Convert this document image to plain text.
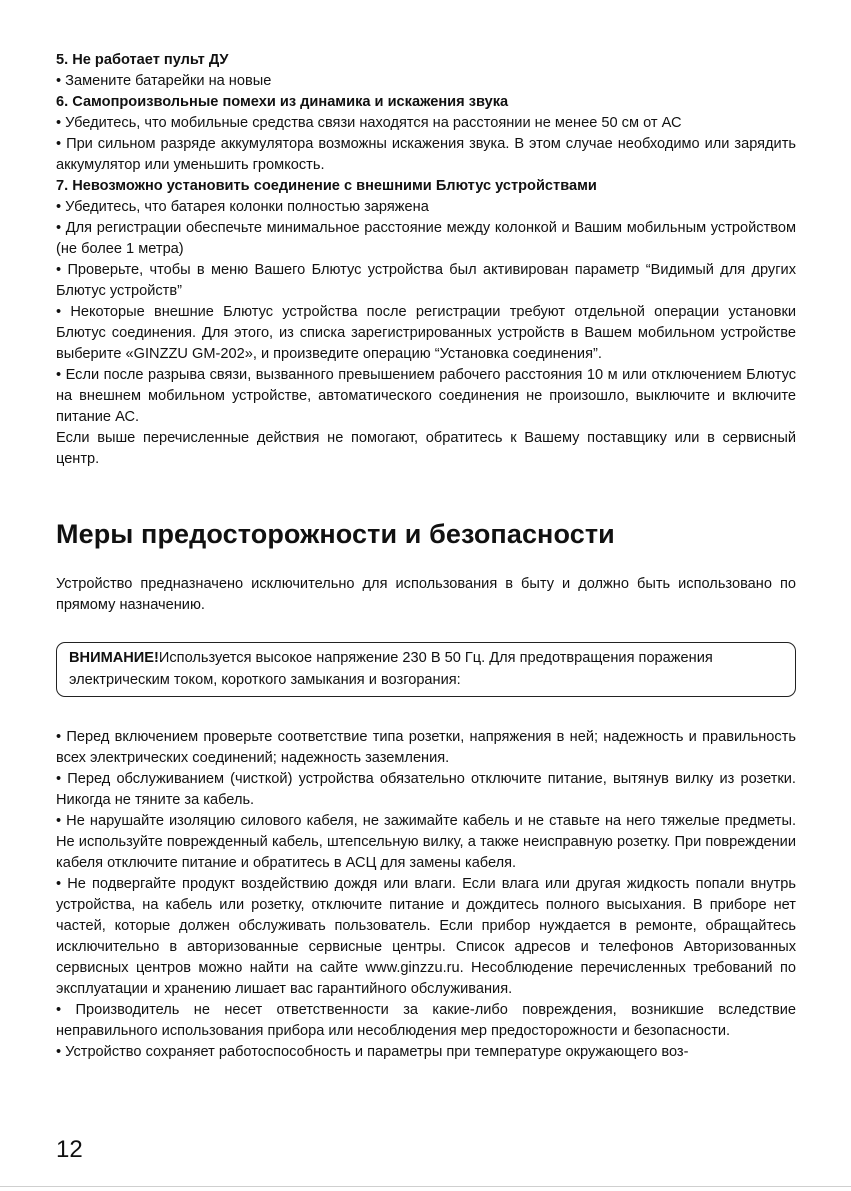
5. Не работает пульт ДУ

• Замените батарейки на новые

6. Самопроизвольные помехи из динамика и искажения звука

• Убедитесь, что мобильные средства связи находятся на расстоянии не менее 50 см от АС

• При сильном разряде аккумулятора возможны искажения звука. В этом случае необходимо или зарядить аккумулятор или уменьшить громкость.

7. Невозможно установить соединение с внешними Блютус устройствами

• Убедитесь, что батарея колонки полностью заряжена

• Для регистрации обеспечьте минимальное расстояние между колонкой и Вашим мобильным устройством (не более 1 метра)

• Проверьте, чтобы в меню Вашего Блютус устройства был активирован параметр “Видимый для других Блютус устройств”

• Некоторые внешние Блютус устройства после регистрации требуют отдельной операции установки Блютус соединения. Для этого, из списка зарегистрированных устройств в Вашем мобильном устройстве выберите «GINZZU GM-202», и произведите операцию “Установка соединения”.

• Если после разрыва связи, вызванного превышением рабочего расстояния 10 м или отключением Блютус на внешнем мобильном устройстве, автоматического соединения не произошло, выключите и включите питание АС.

Если выше перечисленные действия не помогают, обратитесь к Вашему поставщику или в сервисный центр.

Меры предосторожности и безопасности

Устройство предназначено исключительно для использования в быту и должно быть использовано по прямому назначению.

ВНИМАНИЕ!Используется высокое напряжение 230 В 50 Гц. Для предотвращения поражения электрическим током, короткого замыкания и возгорания:

• Перед включением проверьте соответствие типа розетки, напряжения в ней; надежность и правильность всех электрических соединений; надежность заземления.

• Перед обслуживанием (чисткой) устройства обязательно отключите питание, вытянув вилку из розетки. Никогда не тяните за кабель.

• Не нарушайте изоляцию силового кабеля, не зажимайте кабель и не ставьте на него тяжелые предметы. Не используйте поврежденный кабель, штепсельную вилку, а также неисправную розетку. При повреждении кабеля отключите питание и обратитесь в АСЦ для замены кабеля.

• Не подвергайте продукт воздействию дождя или влаги. Если влага или другая жидкость попали внутрь устройства, на кабель или розетку, отключите питание и дождитесь полного высыхания. В приборе нет частей, которые должен обслуживать пользователь. Если прибор нуждается в ремонте, обращайтесь исключительно в авторизованные сервисные центры. Список адресов и телефонов Авторизованных сервисных центров можно найти на сайте www.ginzzu.ru. Несоблюдение перечисленных требований по эксплуатации и хранению лишает вас гарантийного обслуживания.

• Производитель не несет ответственности за какие-либо повреждения, возникшие вследствие неправильного использования прибора или несоблюдения мер предосторожности и безопасности.

• Устройство сохраняет работоспособность и параметры при температуре окружающего воз-

12
